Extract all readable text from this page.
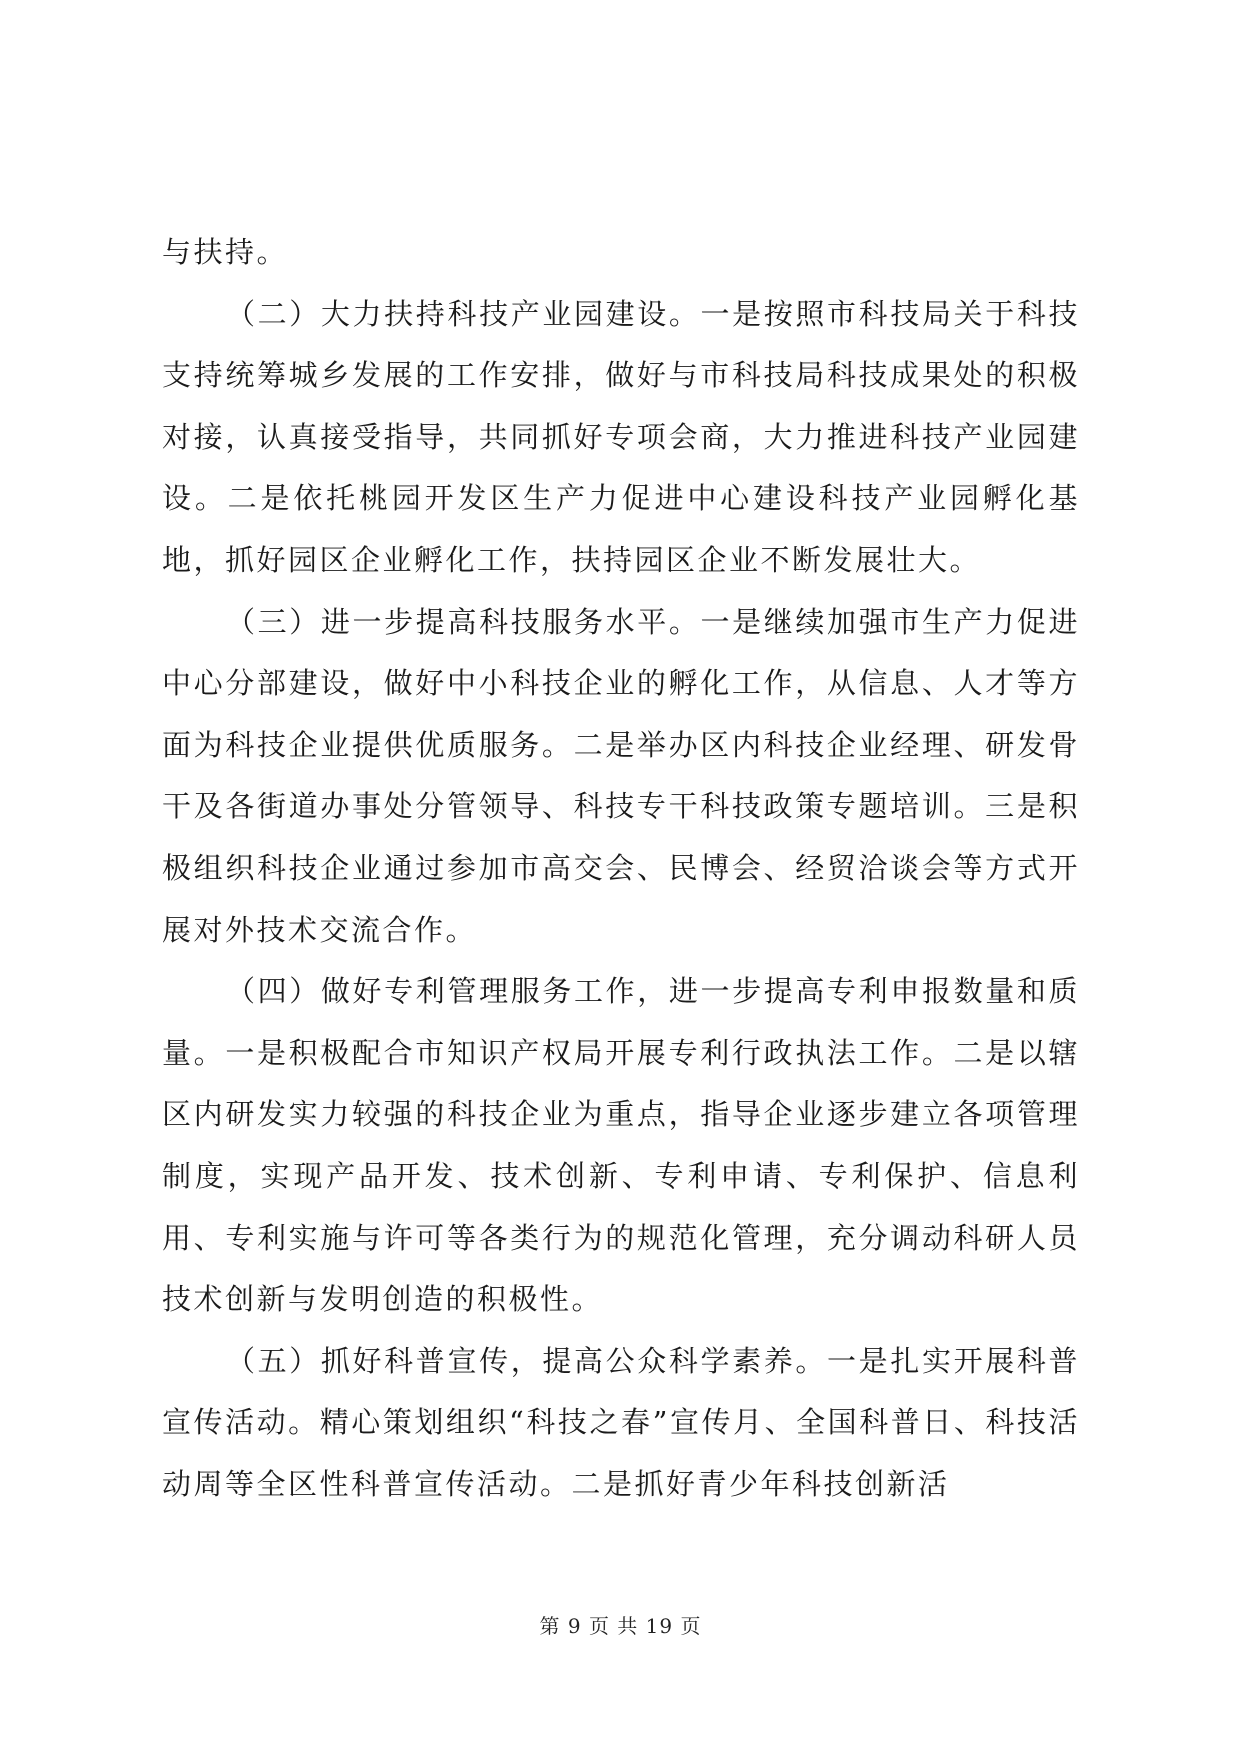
与扶持。

（二）大力扶持科技产业园建设。一是按照市科技局关于科技支持统筹城乡发展的工作安排，做好与市科技局科技成果处的积极对接，认真接受指导，共同抓好专项会商，大力推进科技产业园建设。二是依托桃园开发区生产力促进中心建设科技产业园孵化基地，抓好园区企业孵化工作，扶持园区企业不断发展壮大。

（三）进一步提高科技服务水平。一是继续加强市生产力促进中心分部建设，做好中小科技企业的孵化工作，从信息、人才等方面为科技企业提供优质服务。二是举办区内科技企业经理、研发骨干及各街道办事处分管领导、科技专干科技政策专题培训。三是积极组织科技企业通过参加市高交会、民博会、经贸洽谈会等方式开展对外技术交流合作。

（四）做好专利管理服务工作，进一步提高专利申报数量和质量。一是积极配合市知识产权局开展专利行政执法工作。二是以辖区内研发实力较强的科技企业为重点，指导企业逐步建立各项管理制度，实现产品开发、技术创新、专利申请、专利保护、信息利用、专利实施与许可等各类行为的规范化管理，充分调动科研人员技术创新与发明创造的积极性。

（五）抓好科普宣传，提高公众科学素养。一是扎实开展科普宣传活动。精心策划组织“科技之春”宣传月、全国科普日、科技活动周等全区性科普宣传活动。二是抓好青少年科技创新活

第 9 页 共 19 页
